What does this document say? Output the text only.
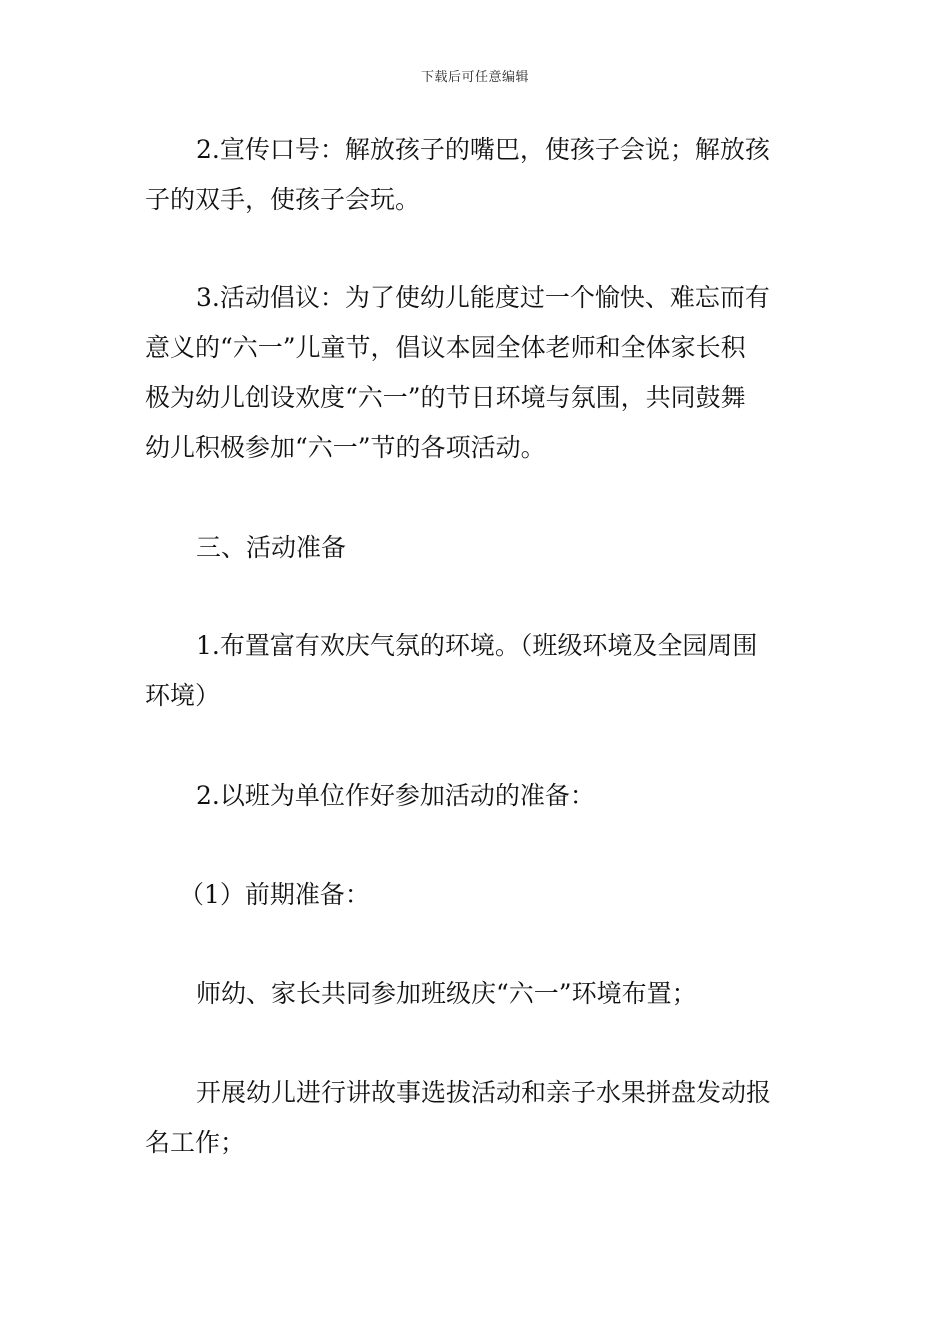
下载后可任意编辑
2.宣传口号：解放孩子的嘴巴，使孩子会说；解放孩
子的双手，使孩子会玩。
3.活动倡议：为了使幼儿能度过一个愉快、难忘而有
意义的“六一”儿童节，倡议本园全体老师和全体家长积
极为幼儿创设欢度“六一”的节日环境与氛围，共同鼓舞
幼儿积极参加“六一”节的各项活动。
三、活动准备
1.布置富有欢庆气氛的环境。（班级环境及全园周围
环境）
2.以班为单位作好参加活动的准备：
（1）前期准备：
师幼、家长共同参加班级庆“六一”环境布置；
开展幼儿进行讲故事选拔活动和亲子水果拼盘发动报
名工作；
